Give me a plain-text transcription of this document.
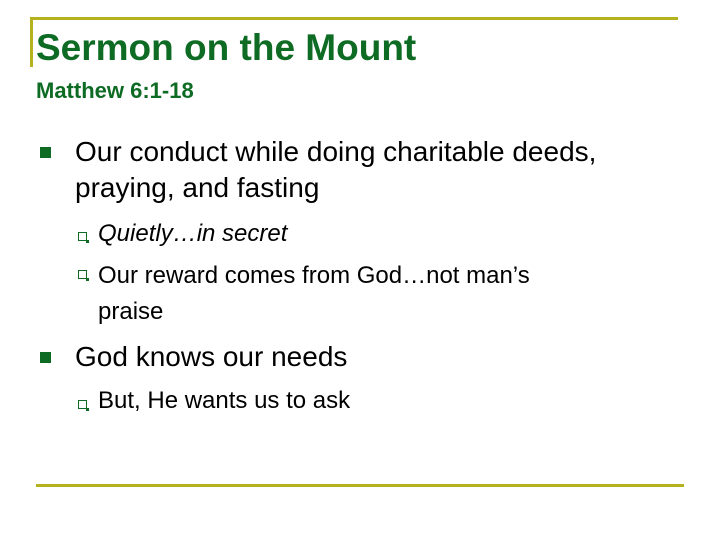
Sermon on the Mount
Matthew 6:1-18
Our conduct while doing charitable deeds,
praying, and fasting
Quietly…in secret
Our reward comes from God…not man’s
praise
God knows our needs
But, He wants us to ask
